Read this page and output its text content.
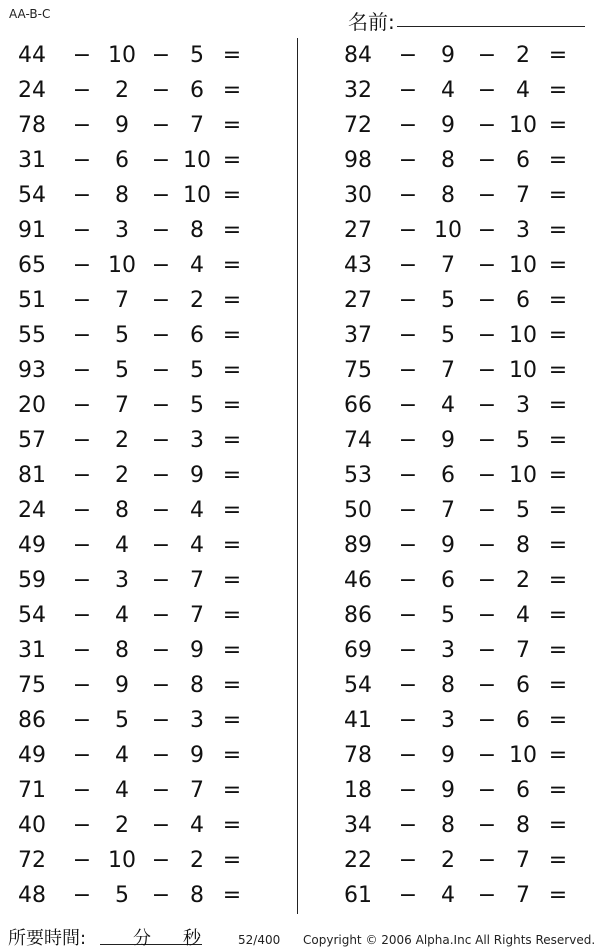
AA-B-C	名前:
44 − 10 − 5 =
24 −	2	− 6 =
78 −	9	− 7 =
31 −	6	− 10 =
54 −	8	− 10 =
91 −	3	− 8 =
65 − 10 − 4 =
51 −	7	− 2 =
55 −	5	− 6 =
93 −	5	− 5 =
20 −	7	− 5 =
57 −	2	− 3 =
81 −	2	− 9 =
24 −	8	− 4 =
49 −	4	− 4 =
59 −	3	− 7 =
54 −	4	− 7 =
31 −	8	− 9 =
75 −	9	− 8 =
86 −	5	− 3 =
49 −	4	− 9 =
71 −	4	− 7 =
40 −	2	− 4 =
72 − 10 − 2 =
48 −	5	− 8 =
84 −	9	− 2 =
32 −	4	− 4 =
72 −	9	− 10 =
98 −	8	− 6 =
30 −	8	− 7 =
27 − 10 − 3 =
43 −	7	− 10 =
27 −	5	− 6 =
37 −	5	− 10 =
75 −	7	− 10 =
66 −	4	− 3 =
74 −	9	− 5 =
53 −	6	− 10 =
50 −	7	− 5 =
89 −	9	− 8 =
46 −	6	− 2 =
86 −	5	− 4 =
69 −	3	− 7 =
54 −	8	− 6 =
41 −	3	− 6 =
78 −	9	− 10 =
18 −	9	− 6 =
34 −	8	− 8 =
22 −	2	− 7 =
61 −	4	− 7 =
所要時間:	分 秒	52/400 Copyright © 2006 Alpha.Inc All Rights Reserved.
